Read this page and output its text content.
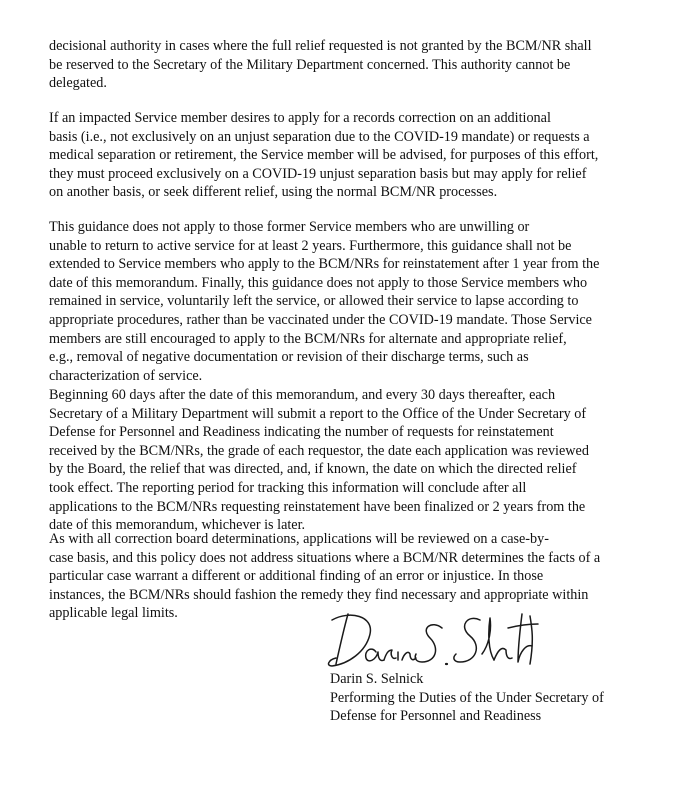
decisional authority in cases where the full relief requested is not granted by the BCM/NR shall
be reserved to the Secretary of the Military Department concerned. This authority cannot be
delegated.

If an impacted Service member desires to apply for a records correction on an additional
basis (i.e., not exclusively on an unjust separation due to the COVID-19 mandate) or requests a
medical separation or retirement, the Service member will be advised, for purposes of this effort,
they must proceed exclusively on a COVID-19 unjust separation basis but may apply for relief
on another basis, or seek different relief, using the normal BCM/NR processes.

This guidance does not apply to those former Service members who are unwilling or
unable to return to active service for at least 2 years. Furthermore, this guidance shall not be
extended to Service members who apply to the BCM/NRs for reinstatement after 1 year from the
date of this memorandum. Finally, this guidance does not apply to those Service members who
remained in service, voluntarily left the service, or allowed their service to lapse according to
appropriate procedures, rather than be vaccinated under the COVID-19 mandate. Those Service
members are still encouraged to apply to the BCM/NRs for alternate and appropriate relief,
e.g., removal of negative documentation or revision of their discharge terms, such as
characterization of service.

Beginning 60 days after the date of this memorandum, and every 30 days thereafter, each
Secretary of a Military Department will submit a report to the Office of the Under Secretary of
Defense for Personnel and Readiness indicating the number of requests for reinstatement
received by the BCM/NRs, the grade of each requestor, the date each application was reviewed
by the Board, the relief that was directed, and, if known, the date on which the directed relief
took effect. The reporting period for tracking this information will conclude after all
applications to the BCM/NRs requesting reinstatement have been finalized or 2 years from the
date of this memorandum, whichever is later.

As with all correction board determinations, applications will be reviewed on a case-by-
case basis, and this policy does not address situations where a BCM/NR determines the facts of a
particular case warrant a different or additional finding of an error or injustice. In those
instances, the BCM/NRs should fashion the remedy they find necessary and appropriate within
applicable legal limits.

Darin S. Selnick
Performing the Duties of the Under Secretary of
Defense for Personnel and Readiness
